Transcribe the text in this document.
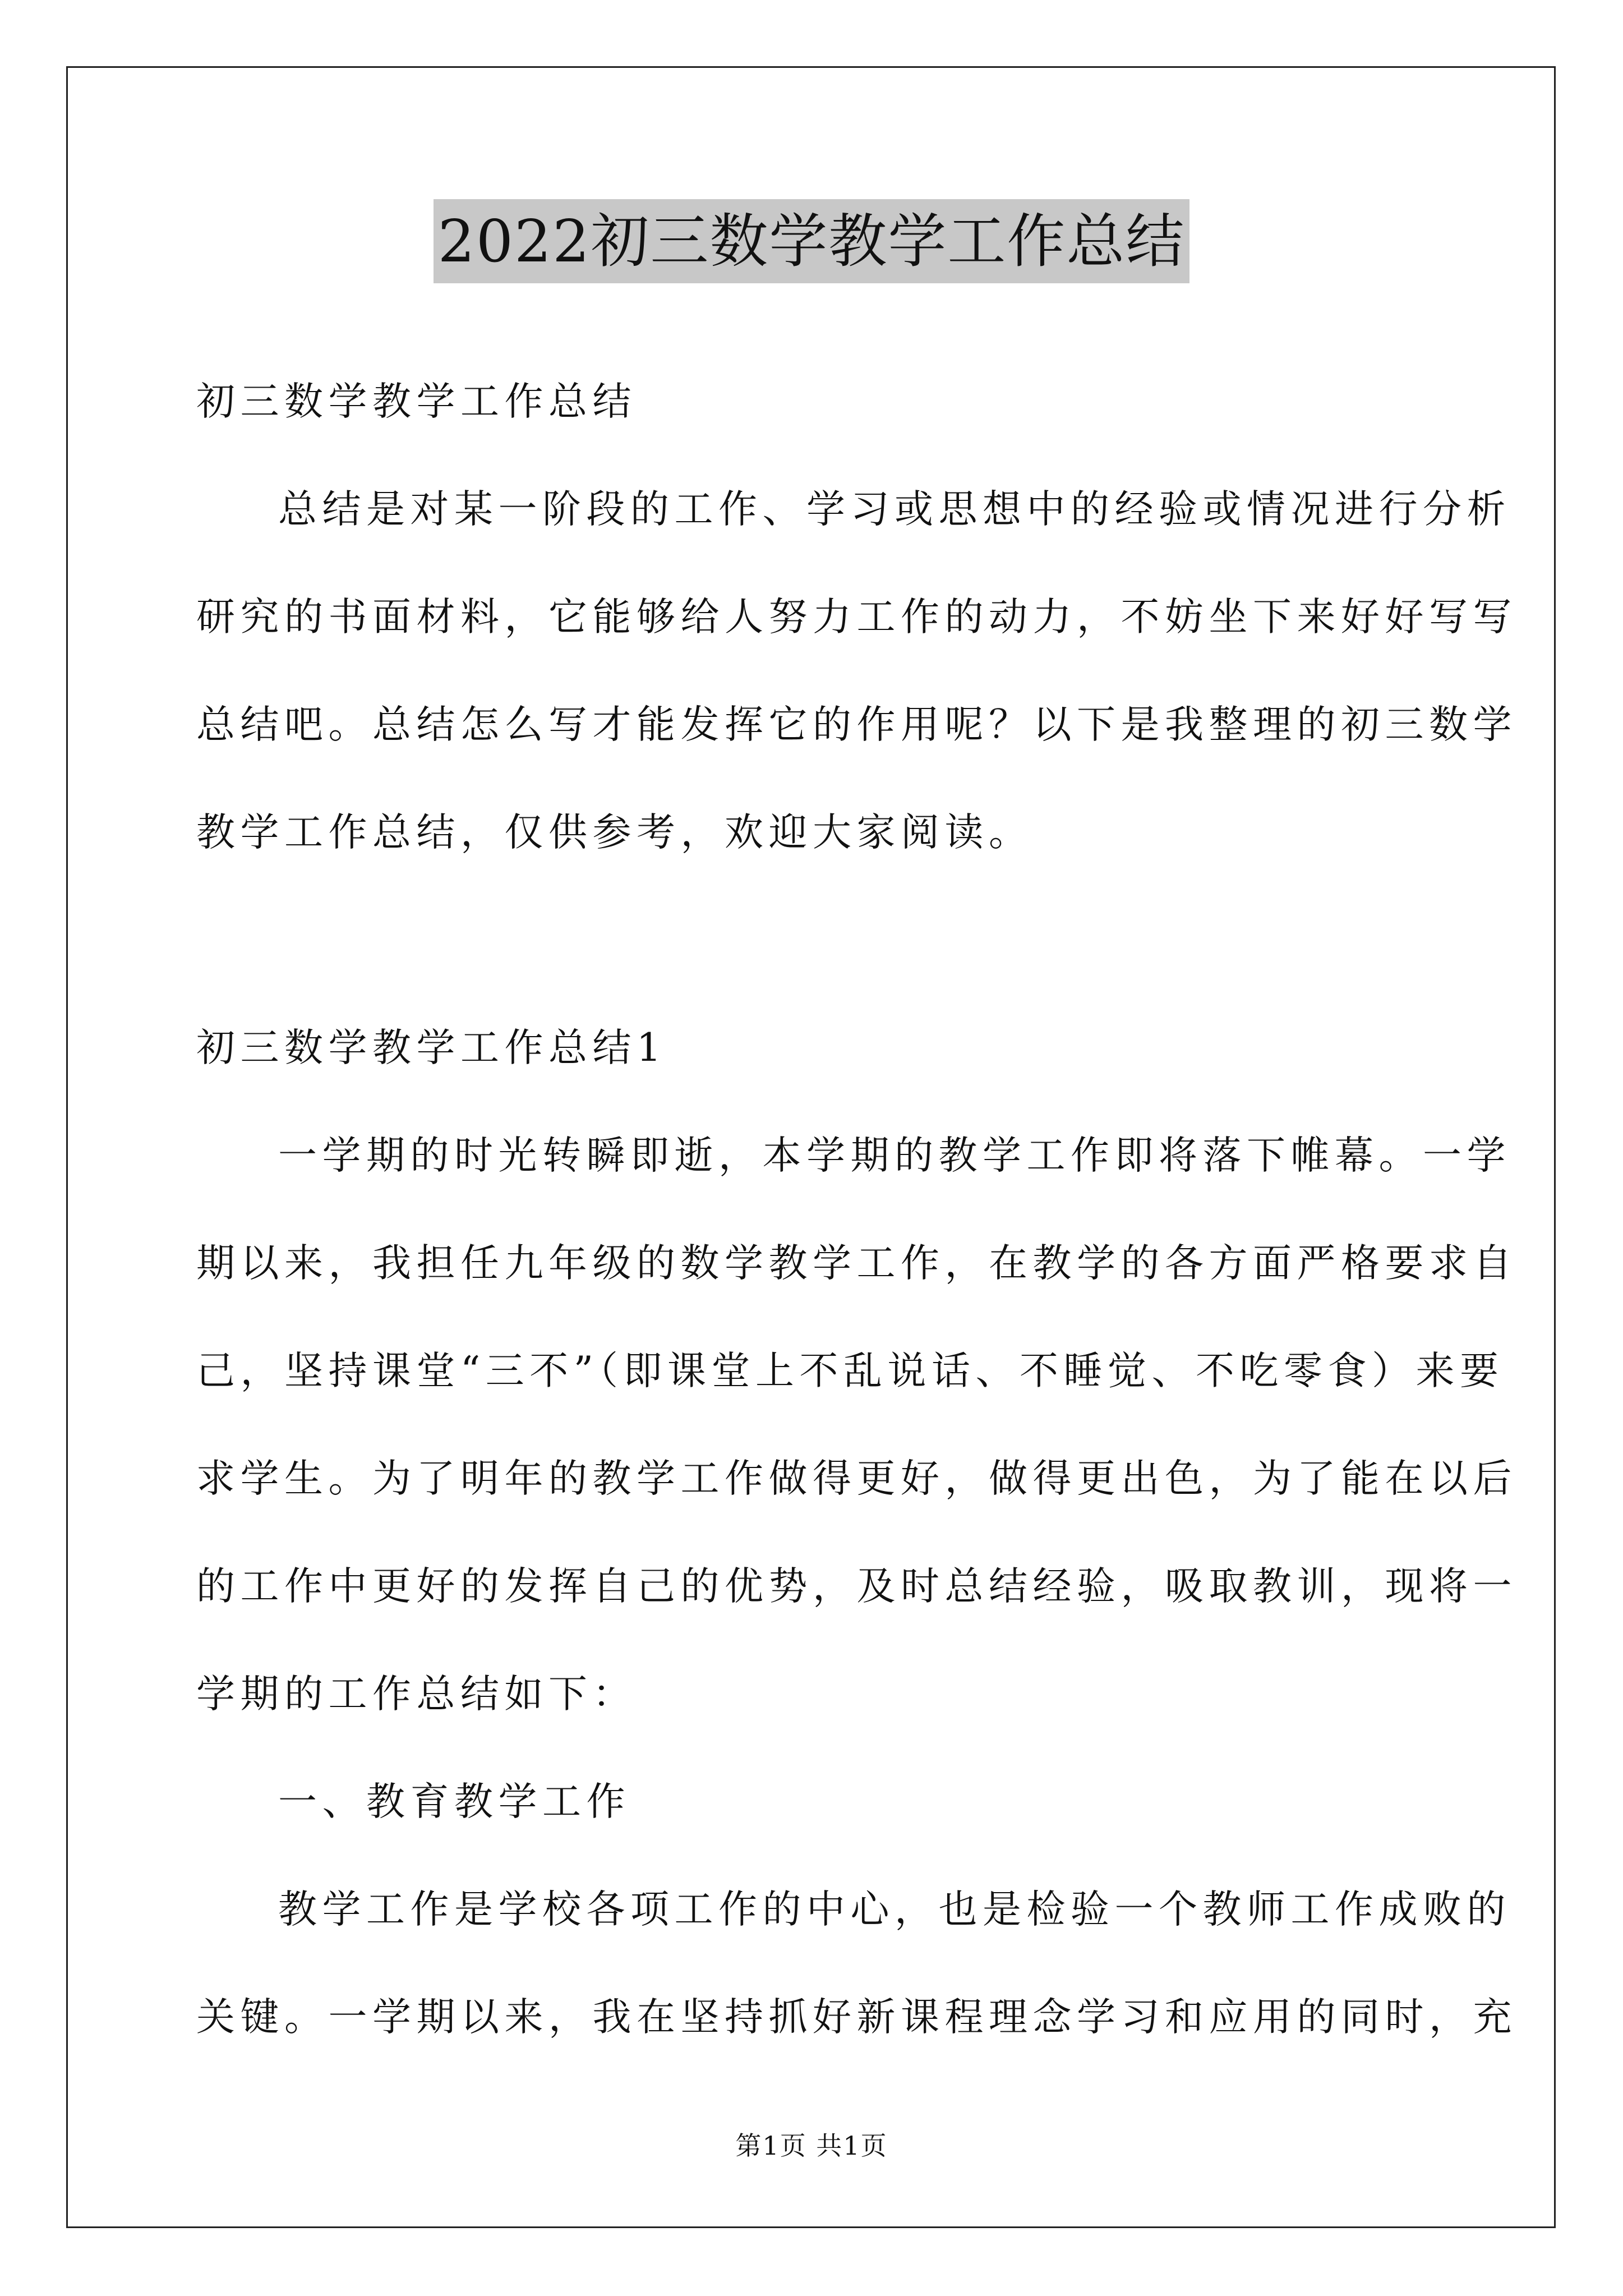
2022初三数学教学工作总结
初三数学教学工作总结
总结是对某一阶段的工作、学习或思想中的经验或情况进行分析
研究的书面材料，它能够给人努力工作的动力，不妨坐下来好好写写
总结吧。总结怎么写才能发挥它的作用呢？以下是我整理的初三数学
教学工作总结，仅供参考，欢迎大家阅读。
初三数学教学工作总结1
一学期的时光转瞬即逝，本学期的教学工作即将落下帷幕。一学
期以来，我担任九年级的数学教学工作，在教学的各方面严格要求自
己，坚持课堂“三不”（即课堂上不乱说话、不睡觉、不吃零食）来要
求学生。为了明年的教学工作做得更好，做得更出色，为了能在以后
的工作中更好的发挥自己的优势，及时总结经验，吸取教训，现将一
学期的工作总结如下：
一、教育教学工作
教学工作是学校各项工作的中心，也是检验一个教师工作成败的
关键。一学期以来，我在坚持抓好新课程理念学习和应用的同时，充
第1页 共1页
